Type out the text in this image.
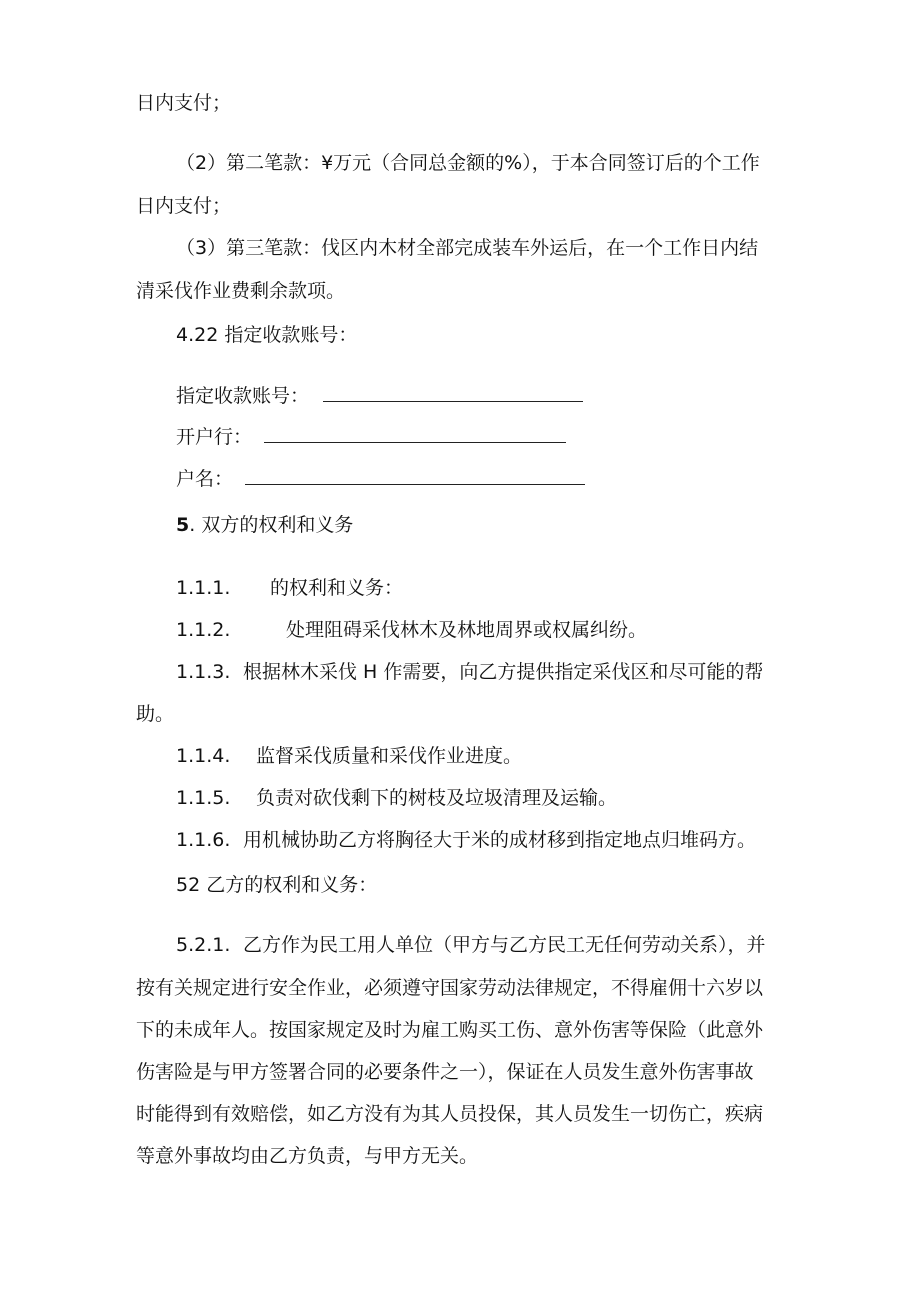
日内支付；
（2）第二笔款：¥万元（合同总金额的%），于本合同签订后的个工作
日内支付；
（3）第三笔款：伐区内木材全部完成装车外运后，在一个工作日内结
清采伐作业费剩余款项。
4.22 指定收款账号：
指定收款账号：
开户行：
户名：
5. 双方的权利和义务
1.1.1. 的权利和义务：
1.1.2.	处理阻碍采伐林木及林地周界或权属纠纷。
1.1.3. 根据林木采伐 H 作需要，向乙方提供指定采伐区和尽可能的帮
助。
1.1.4. 监督采伐质量和采伐作业进度。
1.1.5. 负责对砍伐剩下的树枝及垃圾清理及运输。
1.1.6. 用机械协助乙方将胸径大于米的成材移到指定地点归堆码方。
52 乙方的权利和义务：
5.2.1. 乙方作为民工用人单位（甲方与乙方民工无任何劳动关系），并
按有关规定进行安全作业，必须遵守国家劳动法律规定，不得雇佣十六岁以
下的未成年人。按国家规定及时为雇工购买工伤、意外伤害等保险（此意外
伤害险是与甲方签署合同的必要条件之一），保证在人员发生意外伤害事故
时能得到有效赔偿，如乙方没有为其人员投保，其人员发生一切伤亡，疾病
等意外事故均由乙方负责，与甲方无关。
